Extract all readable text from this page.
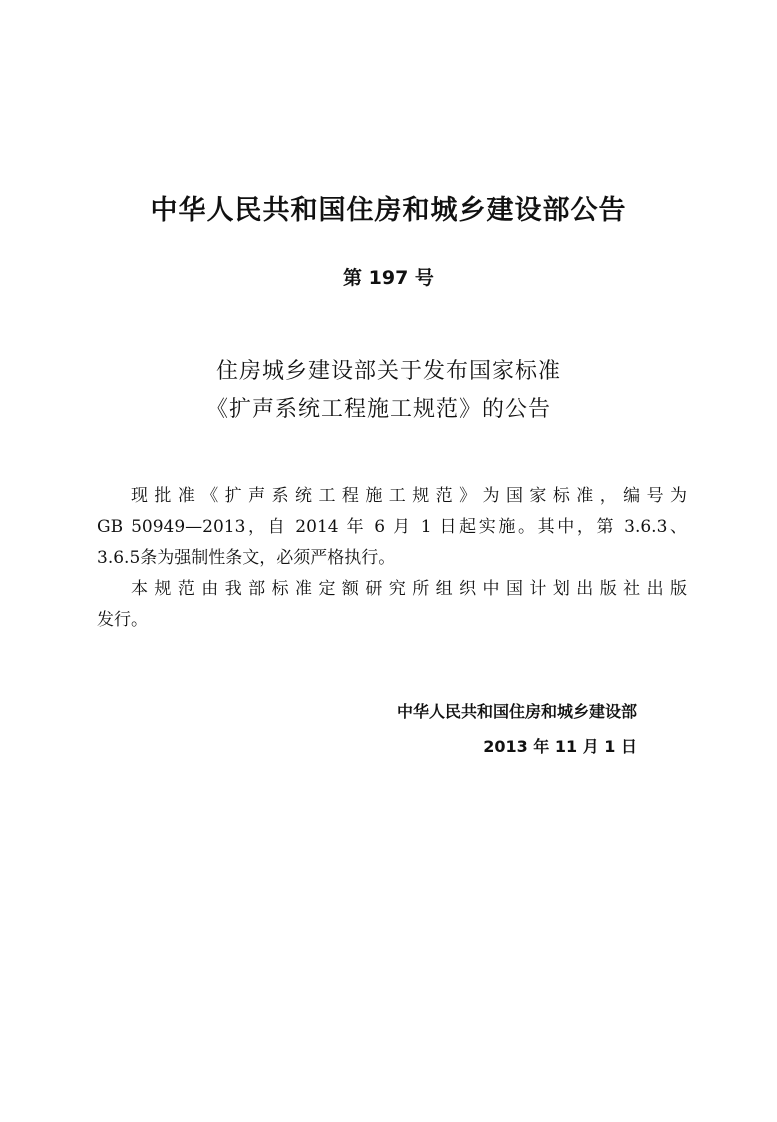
中华人民共和国住房和城乡建设部公告
第 197 号
住房城乡建设部关于发布国家标准
《扩声系统工程施工规范》的公告
现批准《扩声系统工程施工规范》为国家标准，编号为
GB 50949—2013，自 2014 年 6 月 1 日起实施。其中，第 3.6.3、
3.6.5条为强制性条文，必须严格执行。
本规范由我部标准定额研究所组织中国计划出版社出版
发行。
中华人民共和国住房和城乡建设部
2013 年 11 月 1 日
